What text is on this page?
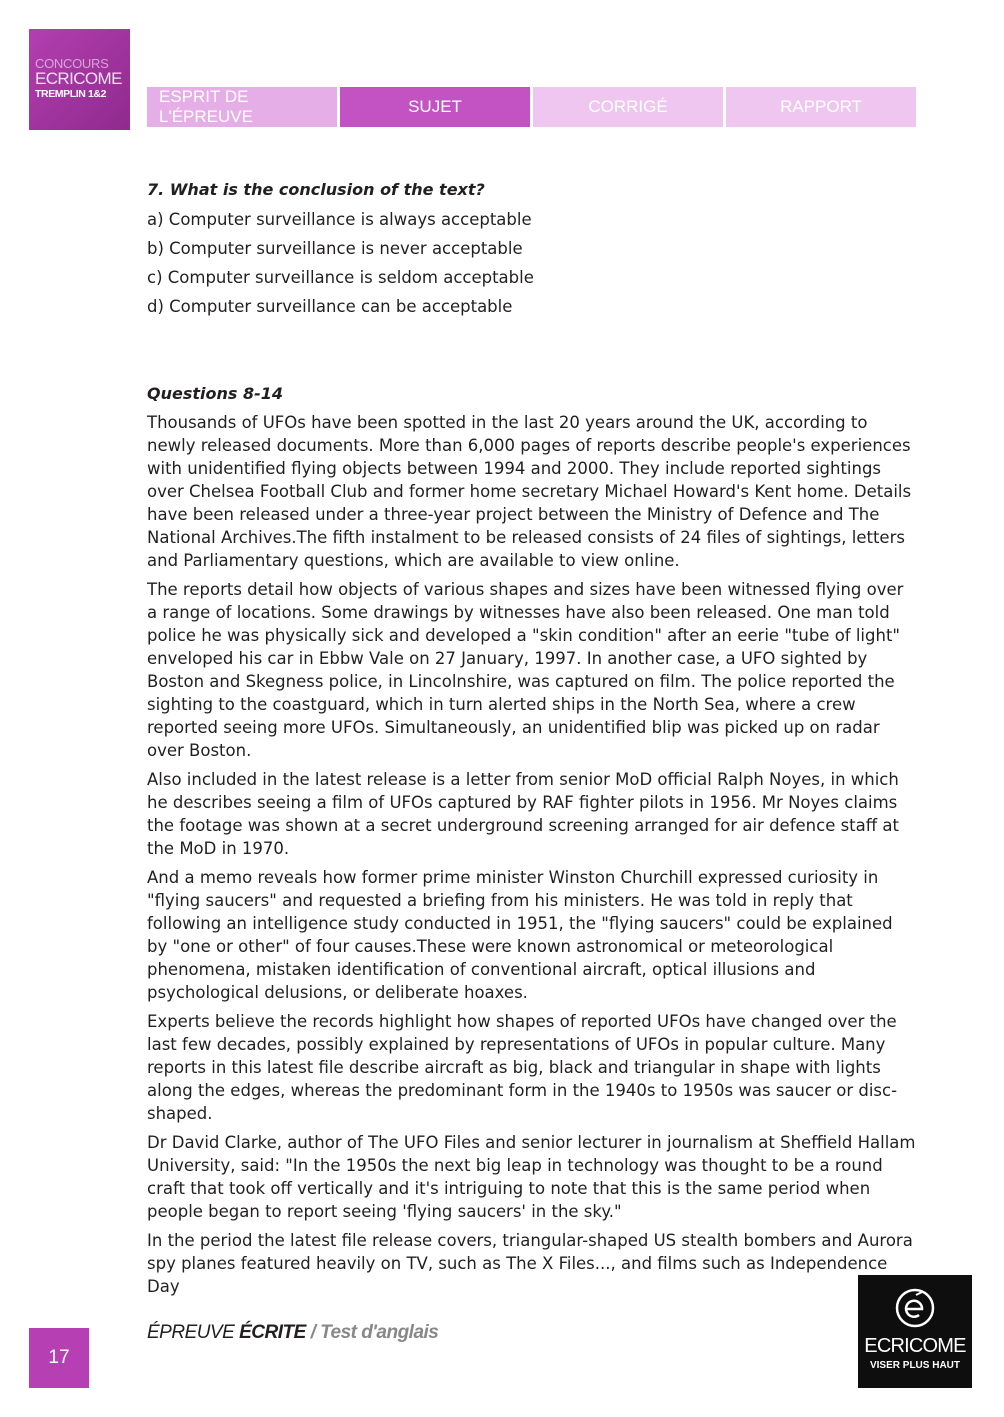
CONCOURS
ECRICOME
TREMPLIN 1&2	ESPRIT DE L'ÉPREUVE
SUJET	CORRIGÉ	RAPPORT

7. What is the conclusion of the text?

a) Computer surveillance is always acceptable

b) Computer surveillance is never acceptable

c) Computer surveillance is seldom acceptable

d) Computer surveillance can be acceptable

Questions 8-14

Thousands of UFOs have been spotted in the last 20 years around the UK, according to newly released documents. More than 6,000 pages of reports describe people's experiences with unidentified flying objects between 1994 and 2000. They include reported sightings over Chelsea Football Club and former home secretary Michael Howard's Kent home. Details have been released under a three-year project between the Ministry of Defence and The National Archives.The fifth instalment to be released consists of 24 files of sightings, letters and Parliamentary questions, which are available to view online.

The reports detail how objects of various shapes and sizes have been witnessed flying over a range of locations. Some drawings by witnesses have also been released. One man told police he was physically sick and developed a "skin condition" after an eerie "tube of light" enveloped his car in Ebbw Vale on 27 January, 1997. In another case, a UFO sighted by Boston and Skegness police, in Lincolnshire, was captured on film. The police reported the sighting to the coastguard, which in turn alerted ships in the North Sea, where a crew reported seeing more UFOs. Simultaneously, an unidentified blip was picked up on radar over Boston.

Also included in the latest release is a letter from senior MoD official Ralph Noyes, in which he describes seeing a film of UFOs captured by RAF fighter pilots in 1956. Mr Noyes claims the footage was shown at a secret underground screening arranged for air defence staff at the MoD in 1970.

And a memo reveals how former prime minister Winston Churchill expressed curiosity in "flying saucers" and requested a briefing from his ministers. He was told in reply that following an intelligence study conducted in 1951, the "flying saucers" could be explained by "one or other" of four causes.These were known astronomical or meteorological phenomena, mistaken identification of conventional aircraft, optical illusions and psychological delusions, or deliberate hoaxes.

Experts believe the records highlight how shapes of reported UFOs have changed over the last few decades, possibly explained by representations of UFOs in popular culture. Many reports in this latest file describe aircraft as big, black and triangular in shape with lights along the edges, whereas the predominant form in the 1940s to 1950s was saucer or disc-shaped.

Dr David Clarke, author of The UFO Files and senior lecturer in journalism at Sheffield Hallam University, said: "In the 1950s the next big leap in technology was thought to be a round craft that took off vertically and it's intriguing to note that this is the same period when people began to report seeing 'flying saucers' in the sky."

In the period the latest file release covers, triangular-shaped US stealth bombers and Aurora spy planes featured heavily on TV, such as The X Files..., and films such as Independence Day

17
ÉPREUVE ÉCRITE / Test d'anglais
ECRICOME
VISER PLUS HAUT
